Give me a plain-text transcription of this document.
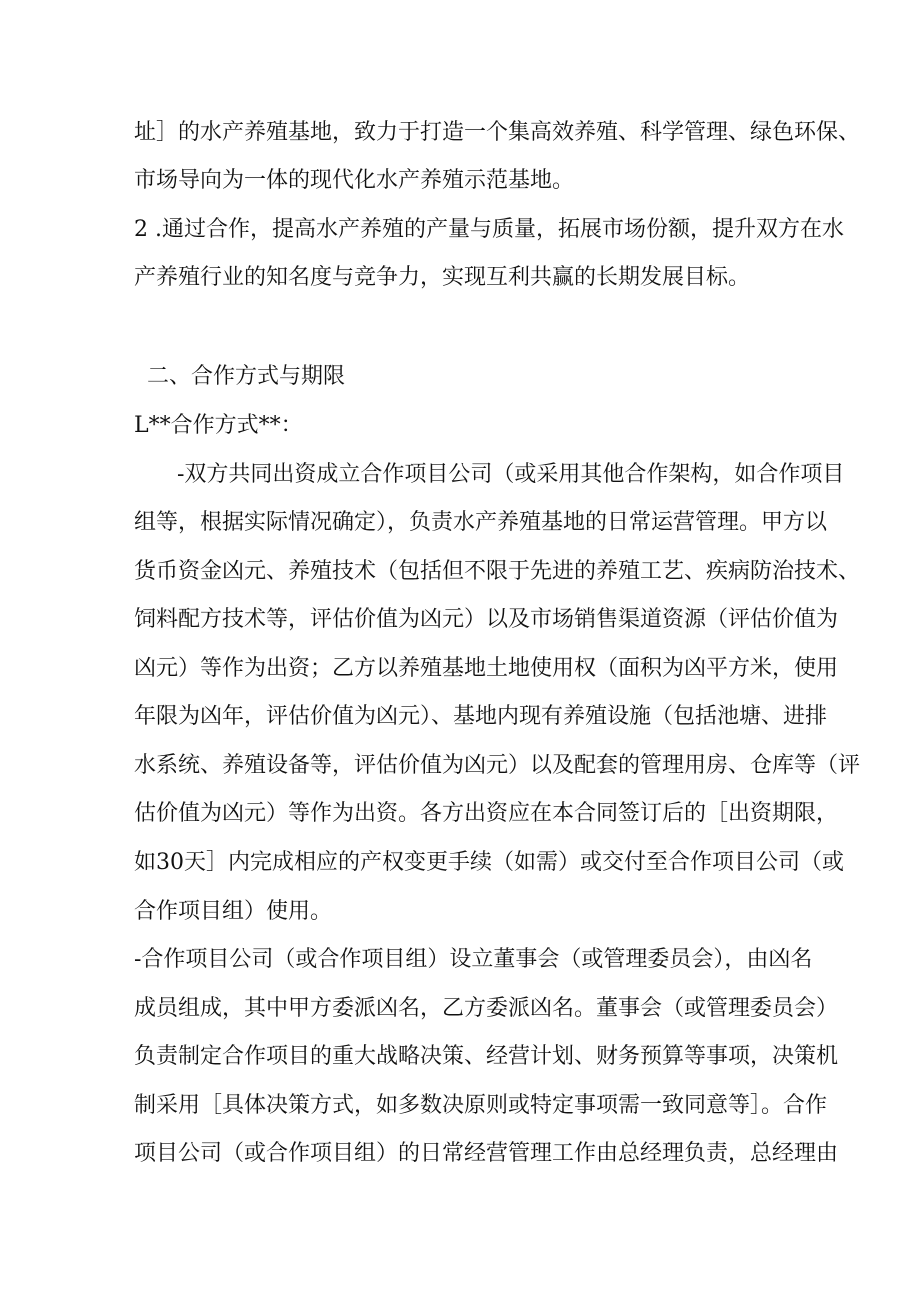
址］的水产养殖基地，致力于打造一个集高效养殖、科学管理、绿色环保、
市场导向为一体的现代化水产养殖示范基地。
2 .通过合作，提高水产养殖的产量与质量，拓展市场份额，提升双方在水
产养殖行业的知名度与竞争力，实现互利共赢的长期发展目标。
二、合作方式与期限
L**合作方式**：
-双方共同出资成立合作项目公司（或采用其他合作架构，如合作项目
组等，根据实际情况确定），负责水产养殖基地的日常运营管理。甲方以
货币资金凶元、养殖技术（包括但不限于先进的养殖工艺、疾病防治技术、
饲料配方技术等，评估价值为凶元）以及市场销售渠道资源（评估价值为
凶元）等作为出资；乙方以养殖基地土地使用权（面积为凶平方米，使用
年限为凶年，评估价值为凶元）、基地内现有养殖设施（包括池塘、进排
水系统、养殖设备等，评估价值为凶元）以及配套的管理用房、仓库等（评
估价值为凶元）等作为出资。各方出资应在本合同签订后的［出资期限，
如30天］内完成相应的产权变更手续（如需）或交付至合作项目公司（或
合作项目组）使用。
-合作项目公司（或合作项目组）设立董事会（或管理委员会），由凶名
成员组成，其中甲方委派凶名，乙方委派凶名。董事会（或管理委员会）
负责制定合作项目的重大战略决策、经营计划、财务预算等事项，决策机
制采用［具体决策方式，如多数决原则或特定事项需一致同意等］。合作
项目公司（或合作项目组）的日常经营管理工作由总经理负责，总经理由
